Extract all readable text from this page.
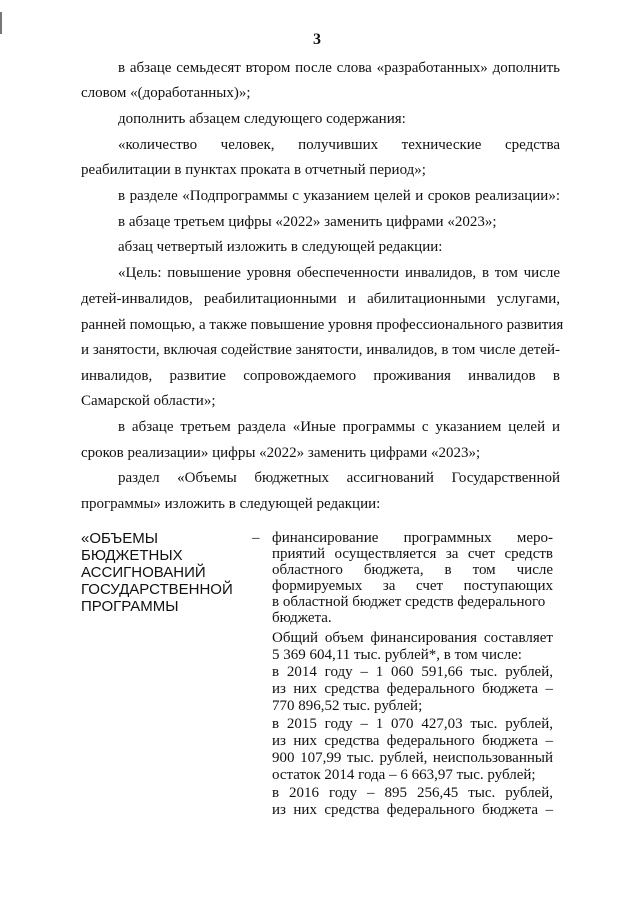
3
в абзаце семьдесят втором после слова «разработанных» дополнить
словом «(доработанных)»;
дополнить абзацем следующего содержания:
«количество человек, получивших технические средства
реабилитации в пунктах проката в отчетный период»;
в разделе «Подпрограммы с указанием целей и сроков реализации»:
в абзаце третьем цифры «2022» заменить цифрами «2023»;
абзац четвертый изложить в следующей редакции:
«Цель: повышение уровня обеспеченности инвалидов, в том числе
детей-инвалидов, реабилитационными и абилитационными услугами,
ранней помощью, а также повышение уровня профессионального развития
и занятости, включая содействие занятости, инвалидов, в том числе детей-
инвалидов, развитие сопровождаемого проживания инвалидов в
Самарской области»;
в абзаце третьем раздела «Иные программы с указанием целей и
сроков реализации» цифры «2022» заменить цифрами «2023»;
раздел «Объемы бюджетных ассигнований Государственной
программы» изложить в следующей редакции:
«ОБЪЕМЫ
БЮДЖЕТНЫХ
АССИГНОВАНИЙ
ГОСУДАРСТВЕННОЙ
ПРОГРАММЫ
– финансирование программных меро-
приятий осуществляется за счет средств
областного бюджета, в том числе
формируемых за счет поступающих
в областной бюджет средств федерального
бюджета.
Общий объем финансирования составляет
5 369 604,11 тыс. рублей*, в том числе:
в 2014 году – 1 060 591,66 тыс. рублей,
из них средства федерального бюджета –
770 896,52 тыс. рублей;
в 2015 году – 1 070 427,03 тыс. рублей,
из них средства федерального бюджета –
900 107,99 тыс. рублей, неиспользованный
остаток 2014 года – 6 663,97 тыс. рублей;
в 2016 году – 895 256,45 тыс. рублей,
из них средства федерального бюджета –
